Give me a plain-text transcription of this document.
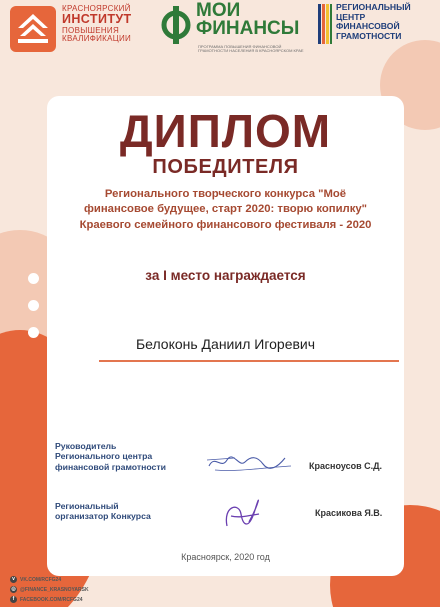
КРАСНОЯРСКИЙ
ИНСТИТУТ
ПОВЫШЕНИЯ
КВАЛИФИКАЦИИ
МОИ
ФИНАНСЫ
ПРОГРАММА ПОВЫШЕНИЯ ФИНАНСОВОЙ ГРАМОТНОСТИ НАСЕЛЕНИЯ В КРАСНОЯРСКОМ КРАЕ
РЕГИОНАЛЬНЫЙ
ЦЕНТР
ФИНАНСОВОЙ
ГРАМОТНОСТИ
ДИПЛОМ
ПОБЕДИТЕЛЯ
Регионального творческого конкурса "Моё
финансовое будущее, старт 2020: творю копилку"
Краевого семейного финансового фестиваля - 2020
за I место награждается
Белоконь Даниил Игоревич
Руководитель
Регионального центра
финансовой грамотности	Красноусов С.Д.
Региональный
организатор Конкурса	Красикова Я.В.
Красноярск, 2020 год
v	VK.COM/RCFG24
◎ @FINANCE_KRASNOYARSK
f	FACEBOOK.COM/RCFG24
